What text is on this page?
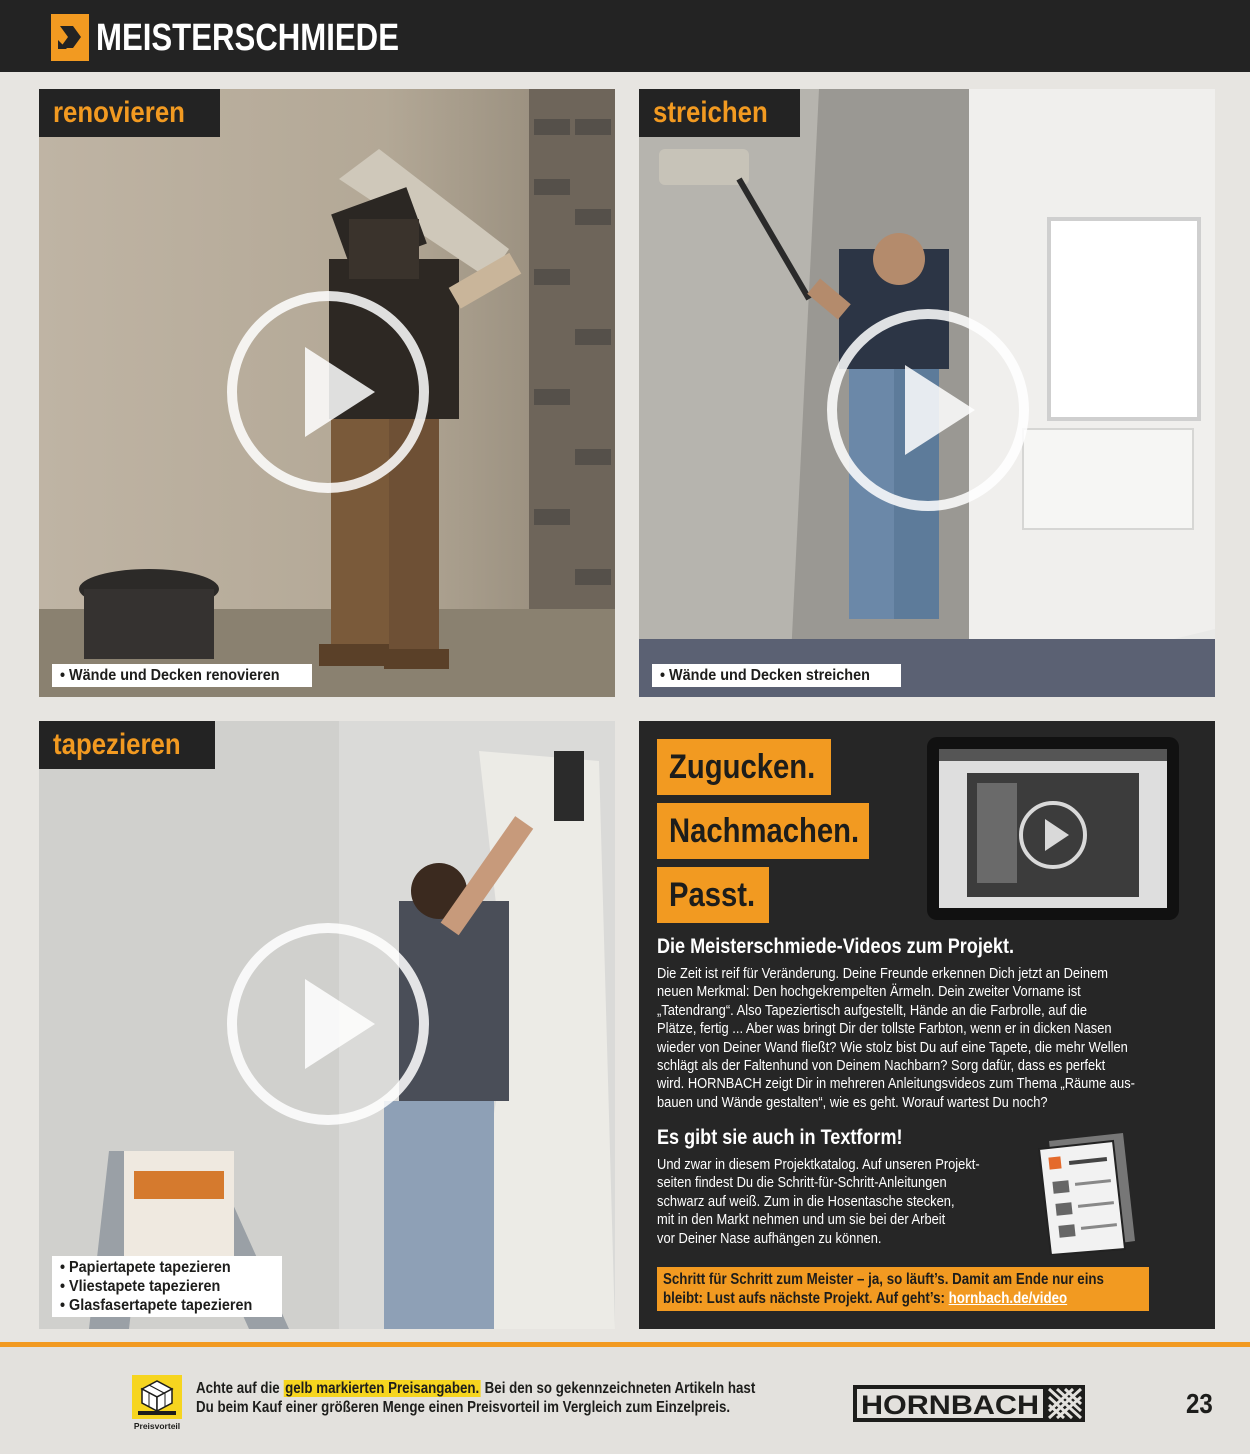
MEISTERSCHMIEDE
renovieren
• Wände und Decken renovieren
streichen
• Wände und Decken streichen
tapezieren
• Papiertapete tapezieren
• Vliestapete tapezieren
• Glasfasertapete tapezieren
Zugucken.
Nachmachen.
Passt.
Die Meisterschmiede-Videos zum Projekt.
Die Zeit ist reif für Veränderung. Deine Freunde erkennen Dich jetzt an Deinem
neuen Merkmal: Den hochgekrempelten Ärmeln. Dein zweiter Vorname ist
„Tatendrang“. Also Tapeziertisch aufgestellt, Hände an die Farbrolle, auf die
Plätze, fertig ... Aber was bringt Dir der tollste Farbton, wenn er in dicken Nasen
wieder von Deiner Wand fließt? Wie stolz bist Du auf eine Tapete, die mehr Wellen
schlägt als der Faltenhund von Deinem Nachbarn? Sorg dafür, dass es perfekt
wird. HORNBACH zeigt Dir in mehreren Anleitungsvideos zum Thema „Räume aus-
bauen und Wände gestalten“, wie es geht. Worauf wartest Du noch?
Es gibt sie auch in Textform!
Und zwar in diesem Projektkatalog. Auf unseren Projekt-
seiten findest Du die Schritt-für-Schritt-Anleitungen
schwarz auf weiß. Zum in die Hosentasche stecken,
mit in den Markt nehmen und um sie bei der Arbeit
vor Deiner Nase aufhängen zu können.
Schritt für Schritt zum Meister – ja, so läuft’s. Damit am Ende nur eins
bleibt: Lust aufs nächste Projekt. Auf geht’s: hornbach.de/video
Preisvorteil
Achte auf die gelb markierten Preisangaben. Bei den so gekennzeichneten Artikeln hast
Du beim Kauf einer größeren Menge einen Preisvorteil im Vergleich zum Einzelpreis.	HORNBACH	23
